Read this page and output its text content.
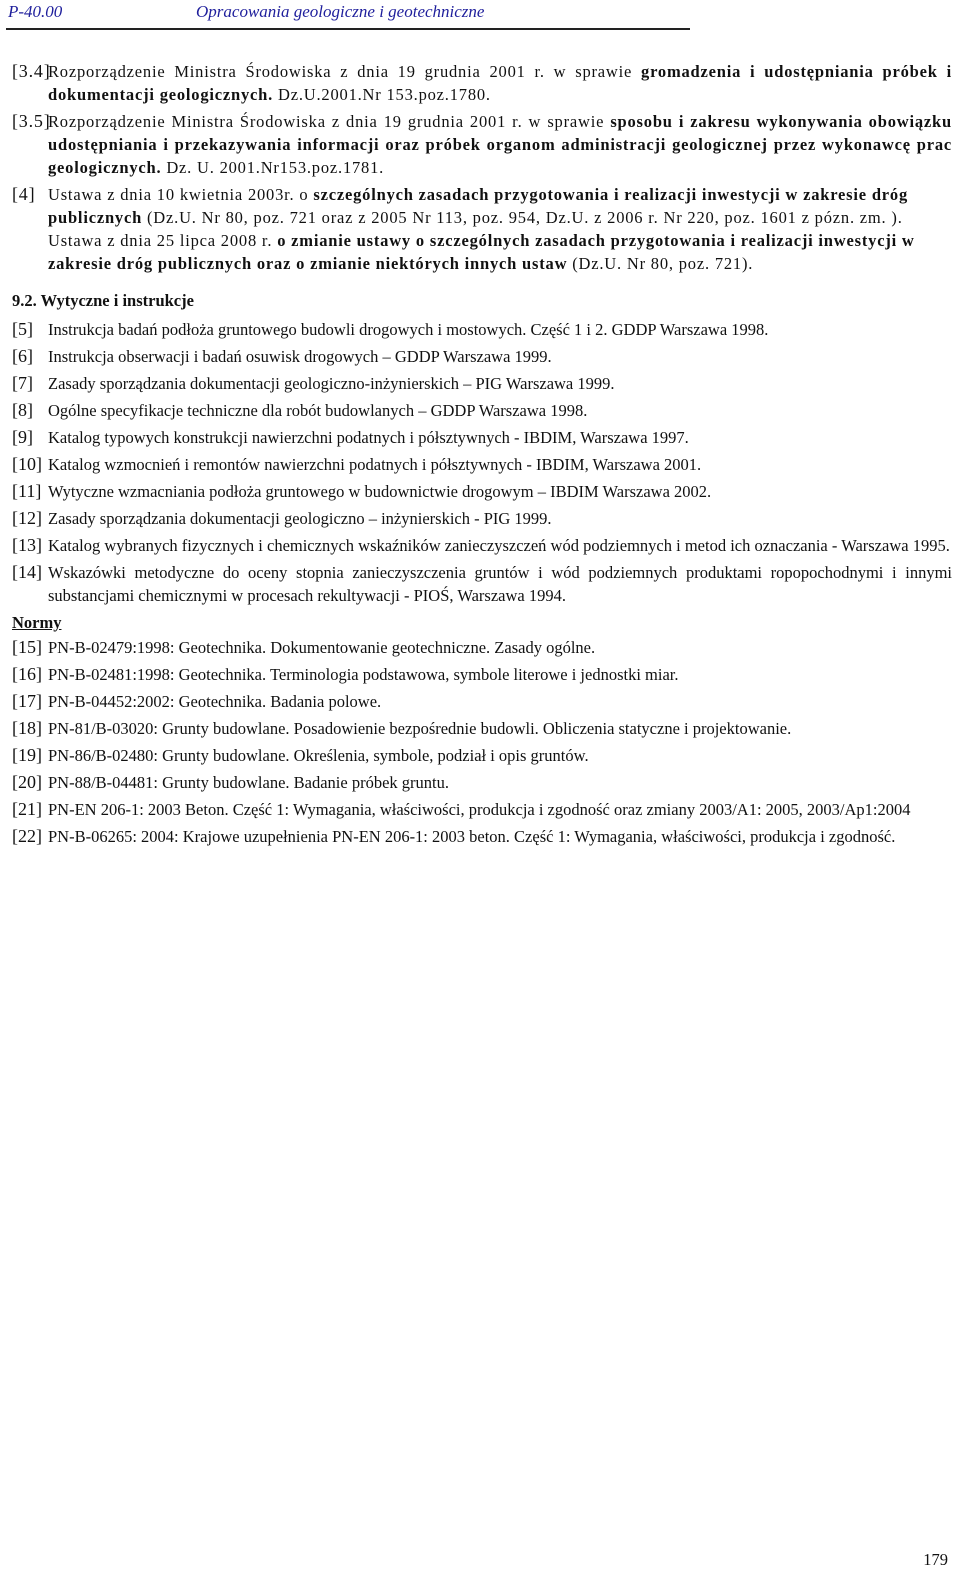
P-40.00	Opracowania geologiczne i geotechniczne
[3.4]
Rozporządzenie Ministra Środowiska z dnia 19 grudnia 2001 r. w sprawie gromadzenia i udostępniania próbek i dokumentacji geologicznych. Dz.U.2001.Nr 153.poz.1780.
[3.5]
Rozporządzenie Ministra Środowiska z dnia 19 grudnia 2001 r. w sprawie sposobu i zakresu wykonywania obowiązku udostępniania i przekazywania informacji oraz próbek organom administracji geologicznej przez wykonawcę prac geologicznych. Dz. U. 2001.Nr153.poz.1781.
[4] Ustawa z dnia 10 kwietnia 2003r. o szczególnych zasadach przygotowania i realizacji inwestycji w zakresie dróg publicznych (Dz.U. Nr 80, poz. 721 oraz z 2005 Nr 113, poz. 954, Dz.U. z 2006 r. Nr 220, poz. 1601 z pózn. zm. ). Ustawa z dnia 25 lipca 2008 r. o zmianie ustawy o szczególnych zasadach przygotowania i realizacji inwestycji w zakresie dróg publicznych oraz o zmianie niektórych innych ustaw (Dz.U. Nr 80, poz. 721).
9.2. Wytyczne i instrukcje
[5] Instrukcja badań podłoża gruntowego budowli drogowych i mostowych. Część 1 i 2. GDDP Warszawa 1998.
[6] Instrukcja obserwacji i badań osuwisk drogowych – GDDP Warszawa 1999.
[7] Zasady sporządzania dokumentacji geologiczno-inżynierskich – PIG Warszawa 1999.
[8] Ogólne specyfikacje techniczne dla robót budowlanych – GDDP Warszawa 1998.
[9] Katalog typowych konstrukcji nawierzchni podatnych i półsztywnych - IBDIM, Warszawa 1997.
[10] Katalog wzmocnień i remontów nawierzchni podatnych i półsztywnych - IBDIM, Warszawa 2001.
[11] Wytyczne wzmacniania podłoża gruntowego w budownictwie drogowym – IBDIM Warszawa 2002.
[12] Zasady sporządzania dokumentacji geologiczno – inżynierskich - PIG 1999.
[13] Katalog wybranych fizycznych i chemicznych wskaźników zanieczyszczeń wód podziemnych i metod ich oznaczania - Warszawa 1995.
[14] Wskazówki metodyczne do oceny stopnia zanieczyszczenia gruntów i wód podziemnych produktami ropopochodnymi i innymi substancjami chemicznymi w procesach rekultywacji - PIOŚ, Warszawa 1994.
Normy
[15] PN-B-02479:1998: Geotechnika. Dokumentowanie geotechniczne. Zasady ogólne.
[16] PN-B-02481:1998: Geotechnika. Terminologia podstawowa, symbole literowe i jednostki miar.
[17] PN-B-04452:2002: Geotechnika. Badania polowe.
[18] PN-81/B-03020: Grunty budowlane. Posadowienie bezpośrednie budowli. Obliczenia statyczne i projektowanie.
[19] PN-86/B-02480: Grunty budowlane. Określenia, symbole, podział i opis gruntów.
[20] PN-88/B-04481: Grunty budowlane. Badanie próbek gruntu.
[21] PN-EN 206-1: 2003 Beton. Część 1: Wymagania, właściwości, produkcja i zgodność oraz zmiany 2003/A1: 2005, 2003/Ap1:2004
[22] PN-B-06265: 2004: Krajowe uzupełnienia PN-EN 206-1: 2003 beton. Część 1: Wymagania, właściwości, produkcja i zgodność.
179
